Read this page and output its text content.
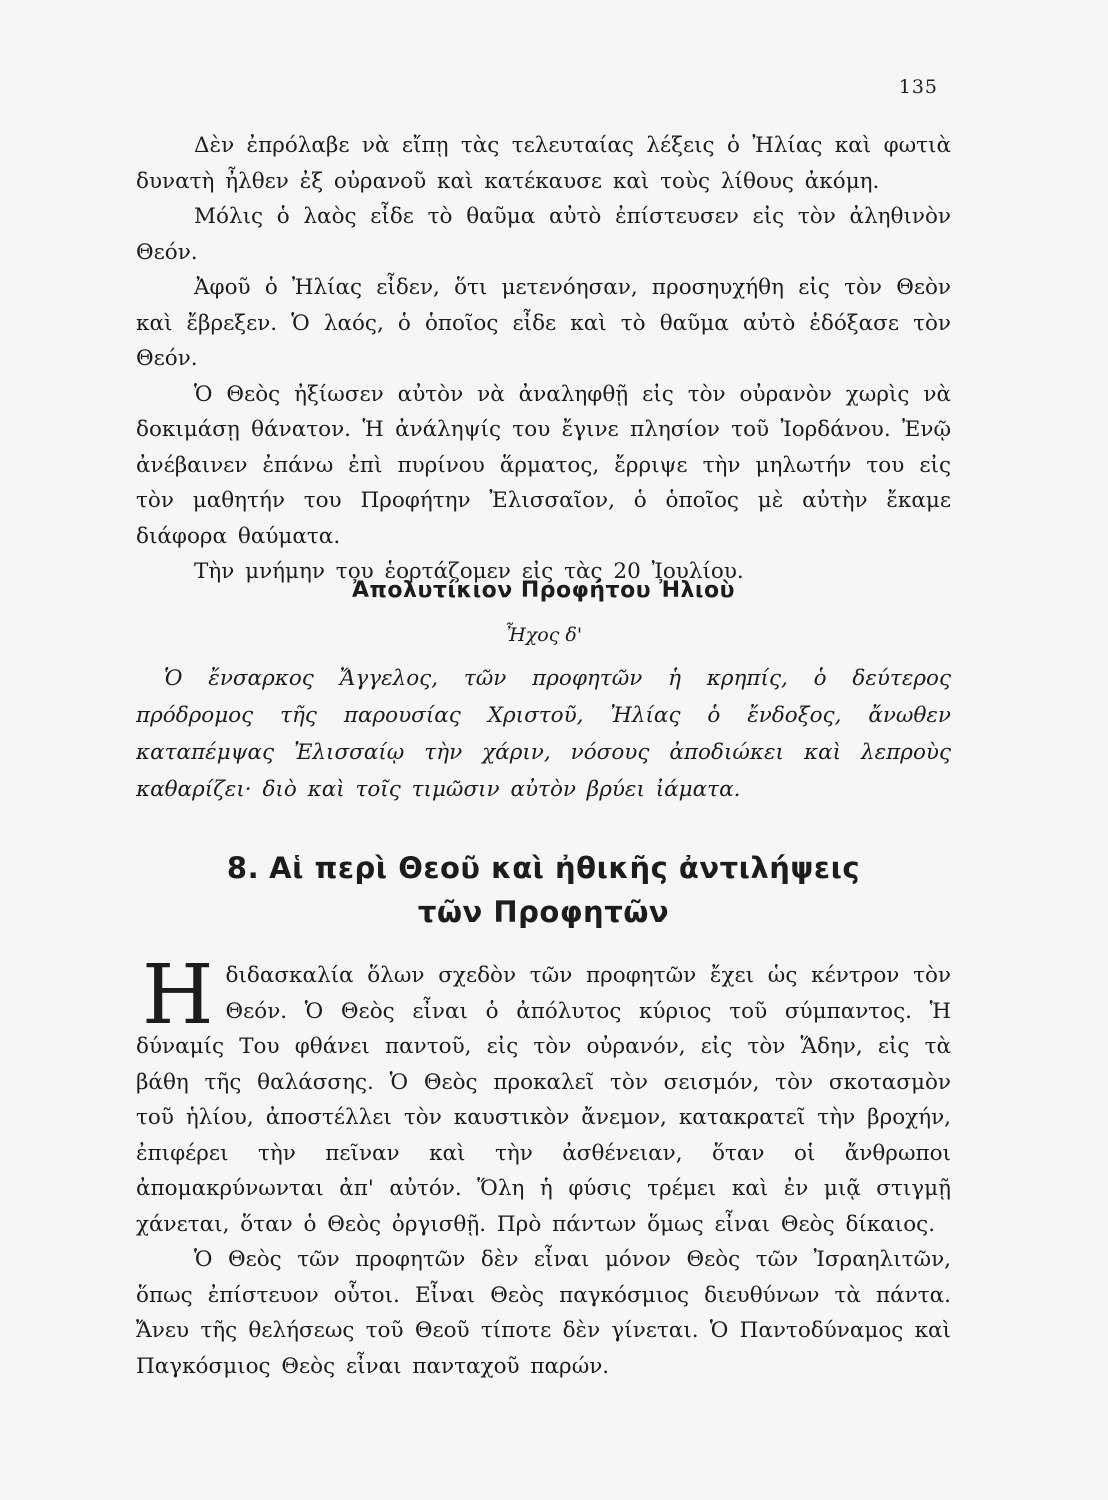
135

Δὲν ἐπρόλαβε νὰ εἴπῃ τὰς τελευταίας λέξεις ὁ Ἠλίας καὶ φωτιὰ δυνατὴ ἦλθεν ἐξ οὐρανοῦ καὶ κατέκαυσε καὶ τοὺς λίθους ἀκόμη.

Μόλις ὁ λαὸς εἶδε τὸ θαῦμα αὐτὸ ἐπίστευσεν εἰς τὸν ἀληθινὸν Θεόν.

Ἀφοῦ ὁ Ἠλίας εἶδεν, ὅτι μετενόησαν, προσηυχήθη εἰς τὸν Θεὸν καὶ ἔβρεξεν. Ὁ λαός, ὁ ὁποῖος εἶδε καὶ τὸ θαῦμα αὐτὸ ἐδόξασε τὸν Θεόν.

Ὁ Θεὸς ἠξίωσεν αὐτὸν νὰ ἀναληφθῇ εἰς τὸν οὐρανὸν χωρὶς νὰ δοκιμάσῃ θάνατον. Ἡ ἀνάληψίς του ἔγινε πλησίον τοῦ Ἰορδάνου. Ἐνῷ ἀνέβαινεν ἐπάνω ἐπὶ πυρίνου ἅρματος, ἔρριψε τὴν μηλωτήν του εἰς τὸν μαθητήν του Προφήτην Ἐλισσαῖον, ὁ ὁποῖος μὲ αὐτὴν ἔκαμε διάφορα θαύματα.

Τὴν μνήμην του ἑορτάζομεν εἰς τὰς 20 Ἰουλίου.

Ἀπολυτίκιον Προφήτου Ἠλιοὺ
Ἦχος δ'

Ὁ ἔνσαρκος Ἄγγελος, τῶν προφητῶν ἡ κρηπίς, ὁ δεύτερος πρόδρομος τῆς παρουσίας Χριστοῦ, Ἠλίας ὁ ἔνδοξος, ἄνωθεν καταπέμψας Ἐλισσαίῳ τὴν χάριν, νόσους ἀποδιώκει καὶ λεπροὺς καθαρίζει· διὸ καὶ τοῖς τιμῶσιν αὐτὸν βρύει ἰάματα.

8. Αἱ περὶ Θεοῦ καὶ ἠθικῆς ἀντιλήψεις
τῶν Προφητῶν

Ηδιδασκαλία ὅλων σχεδὸν τῶν προφητῶν ἔχει ὡς κέντρον τὸν Θεόν. Ὁ Θεὸς εἶναι ὁ ἀπόλυτος κύριος τοῦ σύμπαντος. Ἡ δύναμίς Του φθάνει παντοῦ, εἰς τὸν οὐρανόν, εἰς τὸν Ἅδην, εἰς τὰ βάθη τῆς θαλάσσης. Ὁ Θεὸς προκαλεῖ τὸν σεισμόν, τὸν σκοτασμὸν τοῦ ἡλίου, ἀποστέλλει τὸν καυστικὸν ἄνεμον, κατακρατεῖ τὴν βροχήν, ἐπιφέρει τὴν πεῖναν καὶ τὴν ἀσθένειαν, ὅταν οἱ ἄνθρωποι ἀπομακρύνωνται ἀπ' αὐτόν. Ὅλη ἡ φύσις τρέμει καὶ ἐν μιᾷ στιγμῇ χάνεται, ὅταν ὁ Θεὸς ὀργισθῇ. Πρὸ πάντων ὅμως εἶναι Θεὸς δίκαιος.

Ὁ Θεὸς τῶν προφητῶν δὲν εἶναι μόνον Θεὸς τῶν Ἰσραηλιτῶν, ὅπως ἐπίστευον οὗτοι. Εἶναι Θεὸς παγκόσμιος διευθύνων τὰ πάντα. Ἄνευ τῆς θελήσεως τοῦ Θεοῦ τίποτε δὲν γίνεται. Ὁ Παντοδύναμος καὶ Παγκόσμιος Θεὸς εἶναι πανταχοῦ παρών.
